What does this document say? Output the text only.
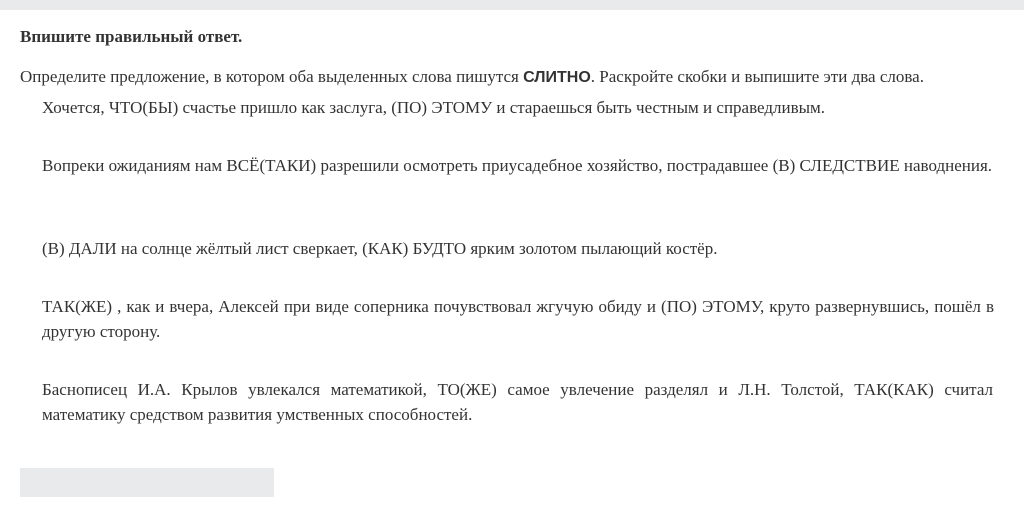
Впишите правильный ответ.
Определите предложение, в котором оба выделенных слова пишутся СЛИТНО. Раскройте скобки и выпишите эти два слова.
Хочется, ЧТО(БЫ) счастье пришло как заслуга, (ПО) ЭТОМУ и стараешься быть честным и справедливым.
Вопреки ожиданиям нам ВСЁ(ТАКИ) разрешили осмотреть приусадебное хозяйство, пострадавшее (В) СЛЕДСТВИЕ наводнения.
(В) ДАЛИ на солнце жёлтый лист сверкает, (КАК) БУДТО ярким золотом пылающий костёр.
ТАК(ЖЕ) , как и вчера, Алексей при виде соперника почувствовал жгучую обиду и (ПО) ЭТОМУ, круто развернувшись, пошёл в другую сторону.
Баснописец И.А. Крылов увлекался математикой, ТО(ЖЕ) самое увлечение разделял и Л.Н. Толстой, ТАК(КАК) считал математику средством развития умственных способностей.
